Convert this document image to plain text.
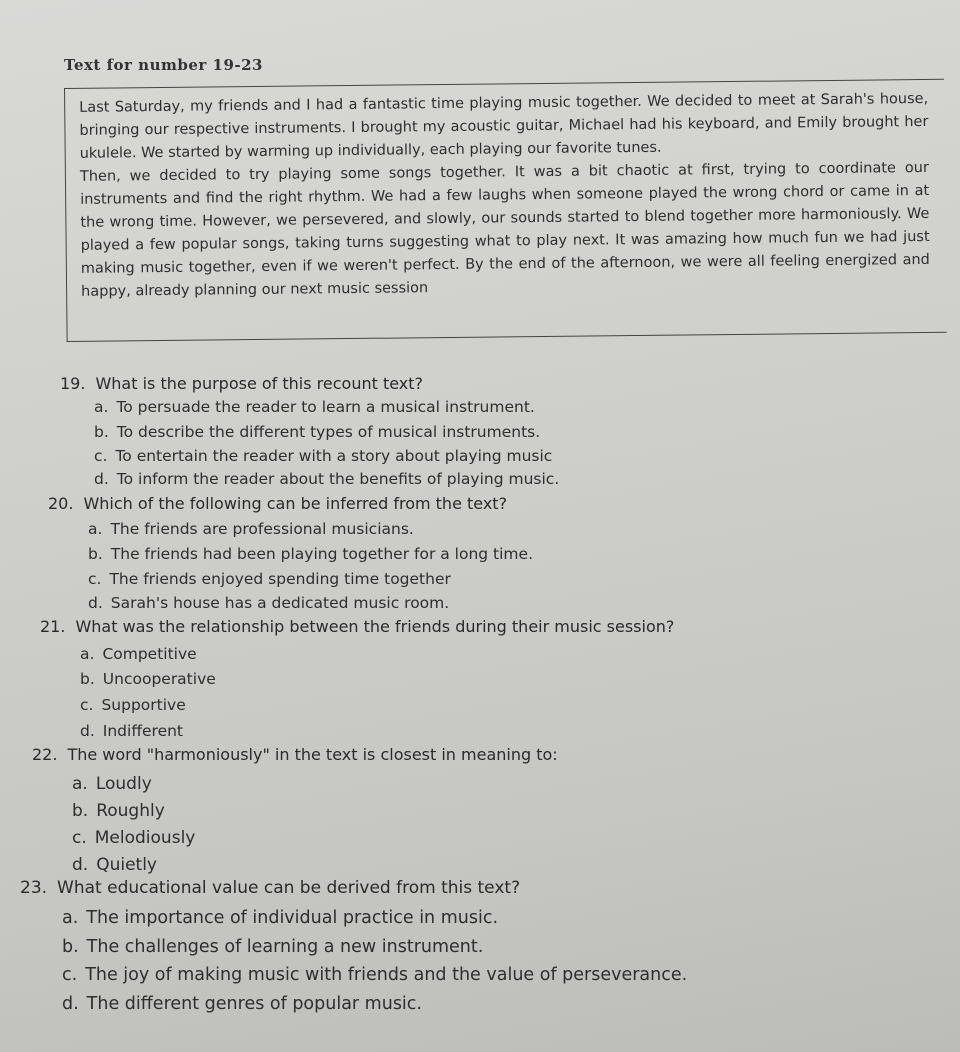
Text for number 19-23

Last Saturday, my friends and I had a fantastic time playing music together. We decided to meet at Sarah's house, bringing our respective instruments. I brought my acoustic guitar, Michael had his keyboard, and Emily brought her ukulele. We started by warming up individually, each playing our favorite tunes.

Then, we decided to try playing some songs together. It was a bit chaotic at first, trying to coordinate our instruments and find the right rhythm. We had a few laughs when someone played the wrong chord or came in at the wrong time. However, we persevered, and slowly, our sounds started to blend together more harmoniously. We played a few popular songs, taking turns suggesting what to play next. It was amazing how much fun we had just making music together, even if we weren't perfect. By the end of the afternoon, we were all feeling energized and happy, already planning our next music session

19. What is the purpose of this recount text?
a. To persuade the reader to learn a musical instrument.
b. To describe the different types of musical instruments.
c. To entertain the reader with a story about playing music
d. To inform the reader about the benefits of playing music.
20. Which of the following can be inferred from the text?
a. The friends are professional musicians.
b. The friends had been playing together for a long time.
c. The friends enjoyed spending time together
d. Sarah's house has a dedicated music room.
21. What was the relationship between the friends during their music session?
a. Competitive
b. Uncooperative
c. Supportive
d. Indifferent
22. The word "harmoniously" in the text is closest in meaning to:
a. Loudly
b. Roughly
c. Melodiously
d. Quietly
23. What educational value can be derived from this text?
a. The importance of individual practice in music.
b. The challenges of learning a new instrument.
c. The joy of making music with friends and the value of perseverance.
d. The different genres of popular music.
